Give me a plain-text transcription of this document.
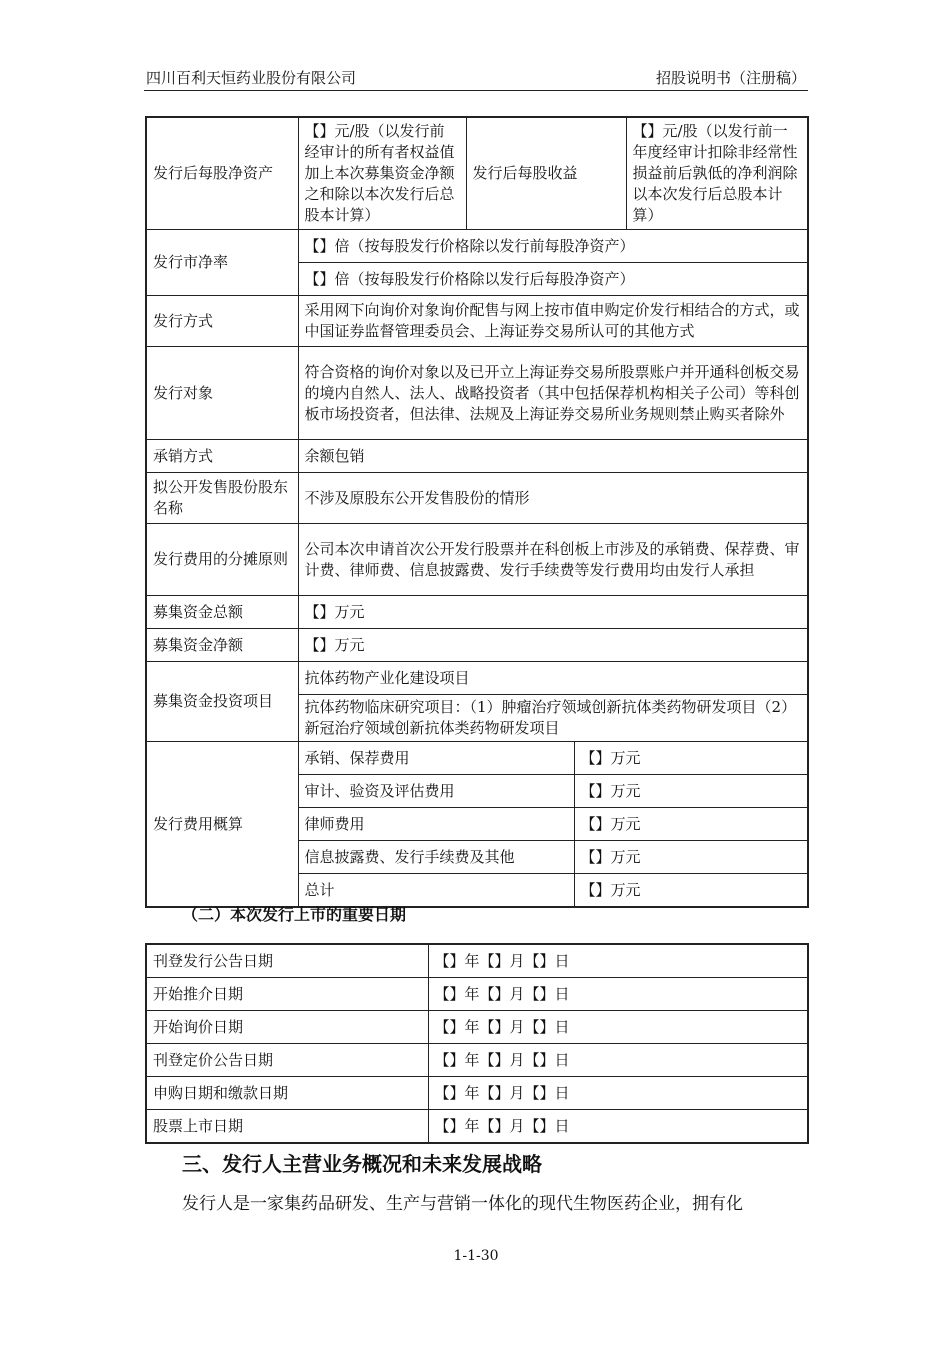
四川百利天恒药业股份有限公司	招股说明书（注册稿）
发行后每股净资产	【】元/股（以发行前经审计的所有者权益值加上本次募集资金净额之和除以本次发行后总股本计算）	发行后每股收益		【】元/股（以发行前一年度经审计扣除非经常性损益前后孰低的净利润除以本次发行后总股本计算）
发行市净率	【】倍（按每股发行价格除以发行前每股净资产）			
	【】倍（按每股发行价格除以发行后每股净资产）			
发行方式	采用网下向询价对象询价配售与网上按市值申购定价发行相结合的方式，或中国证券监督管理委员会、上海证券交易所认可的其他方式			
发行对象	符合资格的询价对象以及已开立上海证券交易所股票账户并开通科创板交易的境内自然人、法人、战略投资者（其中包括保荐机构相关子公司）等科创板市场投资者，但法律、法规及上海证券交易所业务规则禁止购买者除外			
承销方式	余额包销			
拟公开发售股份股东名称	不涉及原股东公开发售股份的情形			
发行费用的分摊原则	公司本次申请首次公开发行股票并在科创板上市涉及的承销费、保荐费、审计费、律师费、信息披露费、发行手续费等发行费用均由发行人承担			
募集资金总额	【】万元			
募集资金净额	【】万元			
募集资金投资项目	抗体药物产业化建设项目			
	抗体药物临床研究项目：（1）肿瘤治疗领域创新抗体类药物研发项目（2）新冠治疗领域创新抗体类药物研发项目			
发行费用概算	承销、保荐费用		【】万元	
	审计、验资及评估费用		【】万元	
	律师费用		【】万元	
	信息披露费、发行手续费及其他		【】万元	
	总计		【】万元	
（二）本次发行上市的重要日期
刊登发行公告日期	【】年【】月【】日
开始推介日期	【】年【】月【】日
开始询价日期	【】年【】月【】日
刊登定价公告日期	【】年【】月【】日
申购日期和缴款日期	【】年【】月【】日
股票上市日期	【】年【】月【】日
三、发行人主营业务概况和未来发展战略
发行人是一家集药品研发、生产与营销一体化的现代生物医药企业，拥有化
1-1-30
